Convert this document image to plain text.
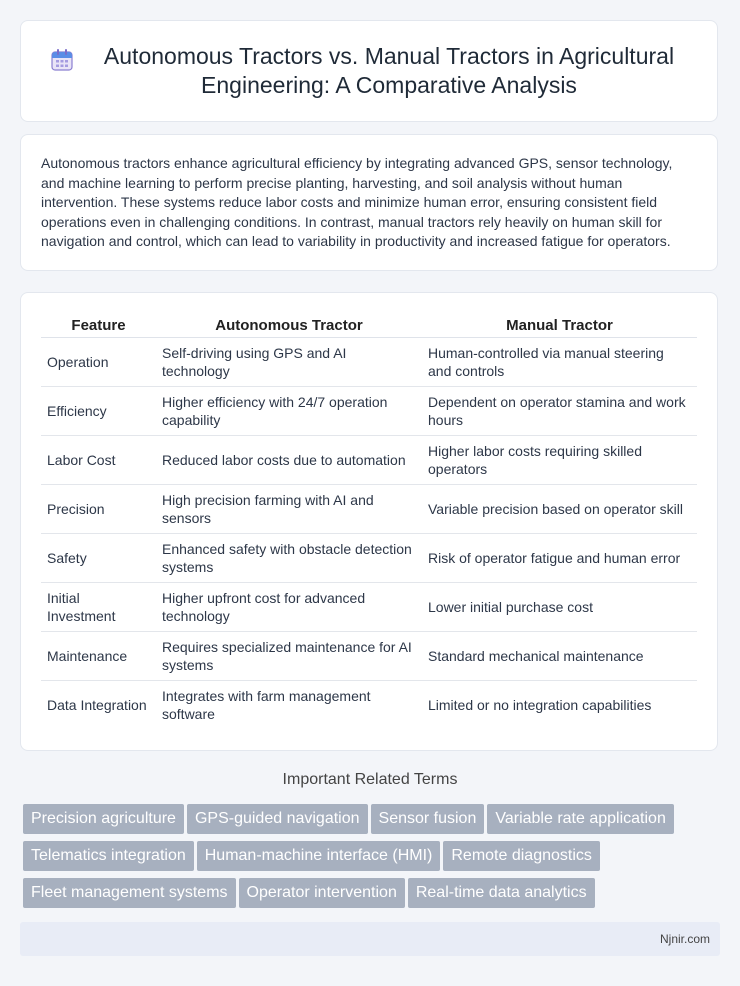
Autonomous Tractors vs. Manual Tractors in Agricultural Engineering: A Comparative Analysis

Autonomous tractors enhance agricultural efficiency by integrating advanced GPS, sensor technology, and machine learning to perform precise planting, harvesting, and soil analysis without human intervention. These systems reduce labor costs and minimize human error, ensuring consistent field operations even in challenging conditions. In contrast, manual tractors rely heavily on human skill for navigation and control, which can lead to variability in productivity and increased fatigue for operators.

Feature	Autonomous Tractor	Manual Tractor
Operation	Self-driving using GPS and AI technology	Human-controlled via manual steering and controls
Efficiency	Higher efficiency with 24/7 operation capability	Dependent on operator stamina and work hours
Labor Cost	Reduced labor costs due to automation	Higher labor costs requiring skilled operators
Precision	High precision farming with AI and sensors	Variable precision based on operator skill
Safety	Enhanced safety with obstacle detection systems	Risk of operator fatigue and human error
Initial Investment	Higher upfront cost for advanced technology	Lower initial purchase cost
Maintenance	Requires specialized maintenance for AI systems	Standard mechanical maintenance
Data Integration	Integrates with farm management software	Limited or no integration capabilities
Important Related Terms
Precision agriculture GPS-guided navigation Sensor fusion Variable rate application
Telematics integration Human-machine interface (HMI) Remote diagnostics
Fleet management systems Operator intervention Real-time data analytics
Njnir.com
